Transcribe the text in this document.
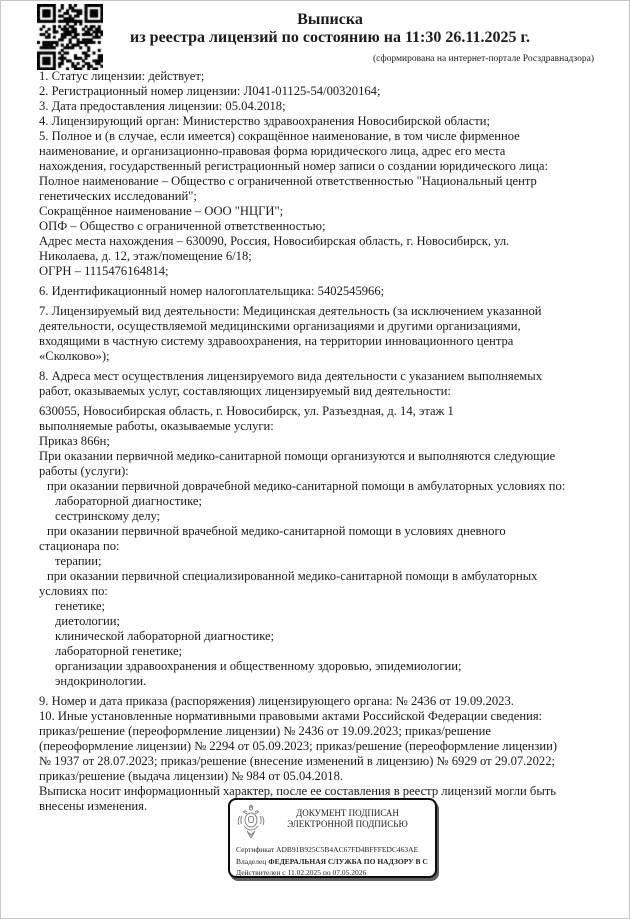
Выписка
из реестра лицензий по состоянию на 11:30 26.11.2025 г.
(сформирована на интернет-портале Росздравнадзора)
1. Статус лицензии: действует;
2. Регистрационный номер лицензии: Л041-01125-54/00320164;
3. Дата предоставления лицензии: 05.04.2018;
4. Лицензирующий орган: Министерство здравоохранения Новосибирской области;
5. Полное и (в случае, если имеется) сокращённое наименование, в том числе фирменное
наименование, и организационно-правовая форма юридического лица, адрес его места
нахождения, государственный регистрационный номер записи о создании юридического лица:
Полное наименование – Общество с ограниченной ответственностью "Национальный центр
генетических исследований";
Сокращённое наименование – ООО "НЦГИ";
ОПФ – Общество с ограниченной ответственностью;
Адрес места нахождения – 630090, Россия, Новосибирская область, г. Новосибирск, ул.
Николаева, д. 12, этаж/помещение 6/18;
ОГРН – 1115476164814;
6. Идентификационный номер налогоплательщика: 5402545966;
7. Лицензируемый вид деятельности: Медицинская деятельность (за исключением указанной
деятельности, осуществляемой медицинскими организациями и другими организациями,
входящими в частную систему здравоохранения, на территории инновационного центра
«Сколково»);
8. Адреса мест осуществления лицензируемого вида деятельности с указанием выполняемых
работ, оказываемых услуг, составляющих лицензируемый вид деятельности:
630055, Новосибирская область, г. Новосибирск, ул. Разъездная, д. 14, этаж 1
выполняемые работы, оказываемые услуги:
Приказ 866н;
При оказании первичной медико-санитарной помощи организуются и выполняются следующие
работы (услуги):
при оказании первичной доврачебной медико-санитарной помощи в амбулаторных условиях по:
лабораторной диагностике;
сестринскому делу;
при оказании первичной врачебной медико-санитарной помощи в условиях дневного
стационара по:
терапии;
при оказании первичной специализированной медико-санитарной помощи в амбулаторных
условиях по:
генетике;
диетологии;
клинической лабораторной диагностике;
лабораторной генетике;
организации здравоохранения и общественному здоровью, эпидемиологии;
эндокринологии.
9. Номер и дата приказа (распоряжения) лицензирующего органа: № 2436 от 19.09.2023.
10. Иные установленные нормативными правовыми актами Российской Федерации сведения:
приказ/решение (переоформление лицензии) № 2436 от 19.09.2023; приказ/решение
(переоформление лицензии) № 2294 от 05.09.2023; приказ/решение (переоформление лицензии)
№ 1937 от 28.07.2023; приказ/решение (внесение изменений в лицензию) № 6929 от 29.07.2022;
приказ/решение (выдача лицензии) № 984 от 05.04.2018.
Выписка носит информационный характер, после ее составления в реестр лицензий могли быть
внесены изменения.	ДОКУМЕНТ ПОДПИСАН
ЭЛЕКТРОННОЙ ПОДПИСЬЮ
Сертификат ADB91B925C5B4AC67FD4BFFFEDC463AE
Владелец ФЕДЕРАЛЬНАЯ СЛУЖБА ПО НАДЗОРУ В С
Действителен с 11.02.2025 по 07.05.2026
